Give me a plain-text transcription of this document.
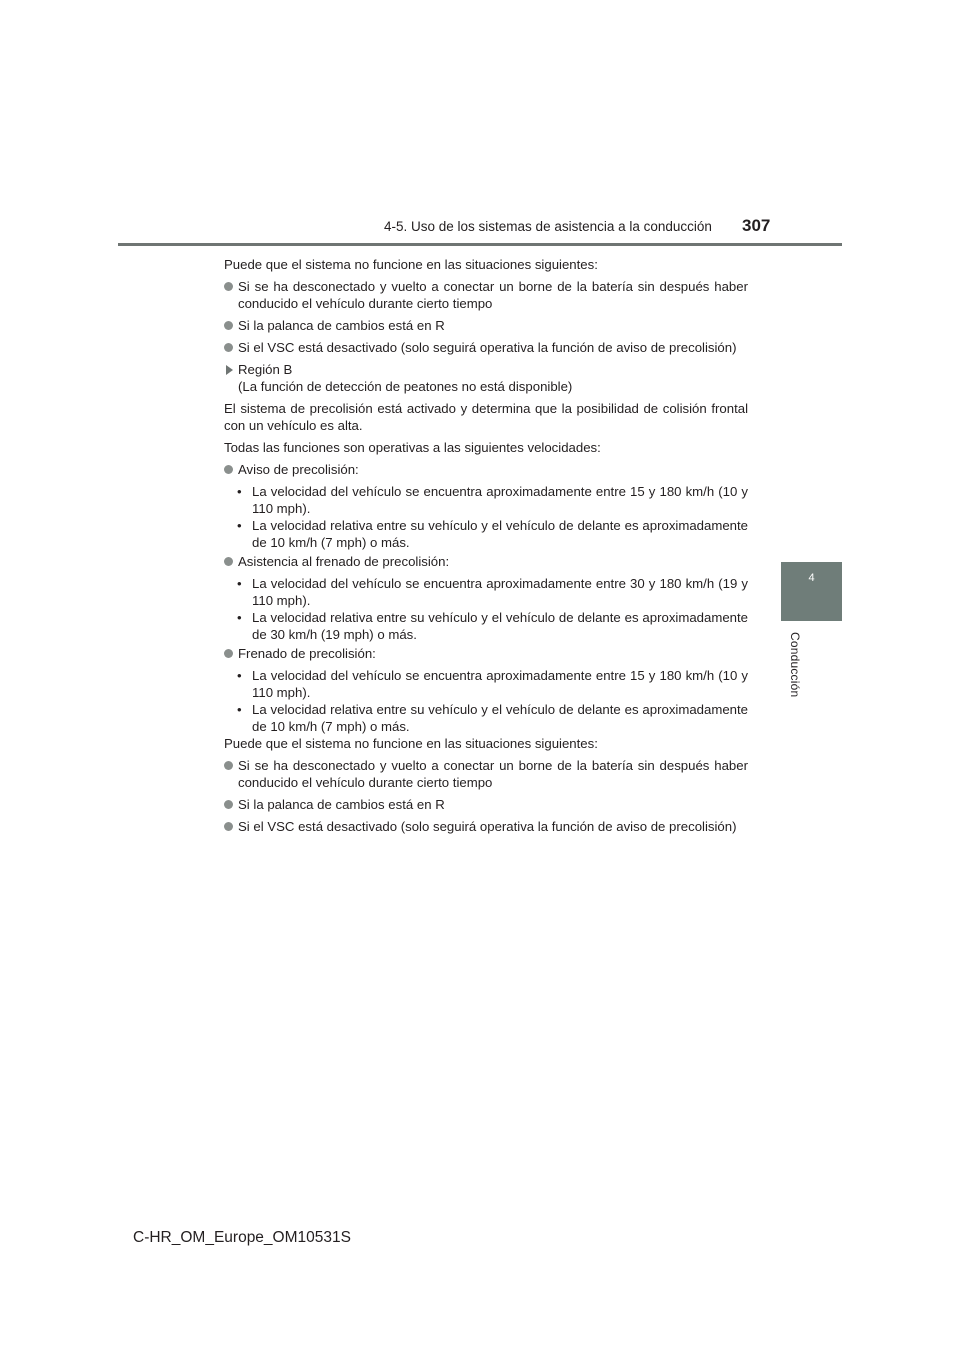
4-5. Uso de los sistemas de asistencia a la conducción 307
4
Conducción

Puede que el sistema no funcione en las situaciones siguientes:

Si se ha desconectado y vuelto a conectar un borne de la batería sin después haber conducido el vehículo durante cierto tiempo
Si la palanca de cambios está en R
Si el VSC está desactivado (solo seguirá operativa la función de aviso de precolisión)
Región B
(La función de detección de peatones no está disponible)

El sistema de precolisión está activado y determina que la posibilidad de colisión frontal con un vehículo es alta.

Todas las funciones son operativas a las siguientes velocidades:

Aviso de precolisión:

• La velocidad del vehículo se encuentra aproximadamente entre 15 y 180 km/h (10 y 110 mph).

• La velocidad relativa entre su vehículo y el vehículo de delante es aproximadamente de 10 km/h (7 mph) o más.

Asistencia al frenado de precolisión:

• La velocidad del vehículo se encuentra aproximadamente entre 30 y 180 km/h (19 y 110 mph).

• La velocidad relativa entre su vehículo y el vehículo de delante es aproximadamente de 30 km/h (19 mph) o más.

Frenado de precolisión:

• La velocidad del vehículo se encuentra aproximadamente entre 15 y 180 km/h (10 y 110 mph).

• La velocidad relativa entre su vehículo y el vehículo de delante es aproximadamente de 10 km/h (7 mph) o más.

Puede que el sistema no funcione en las situaciones siguientes:

Si se ha desconectado y vuelto a conectar un borne de la batería sin después haber conducido el vehículo durante cierto tiempo
Si la palanca de cambios está en R
Si el VSC está desactivado (solo seguirá operativa la función de aviso de precolisión)
C-HR_OM_Europe_OM10531S
